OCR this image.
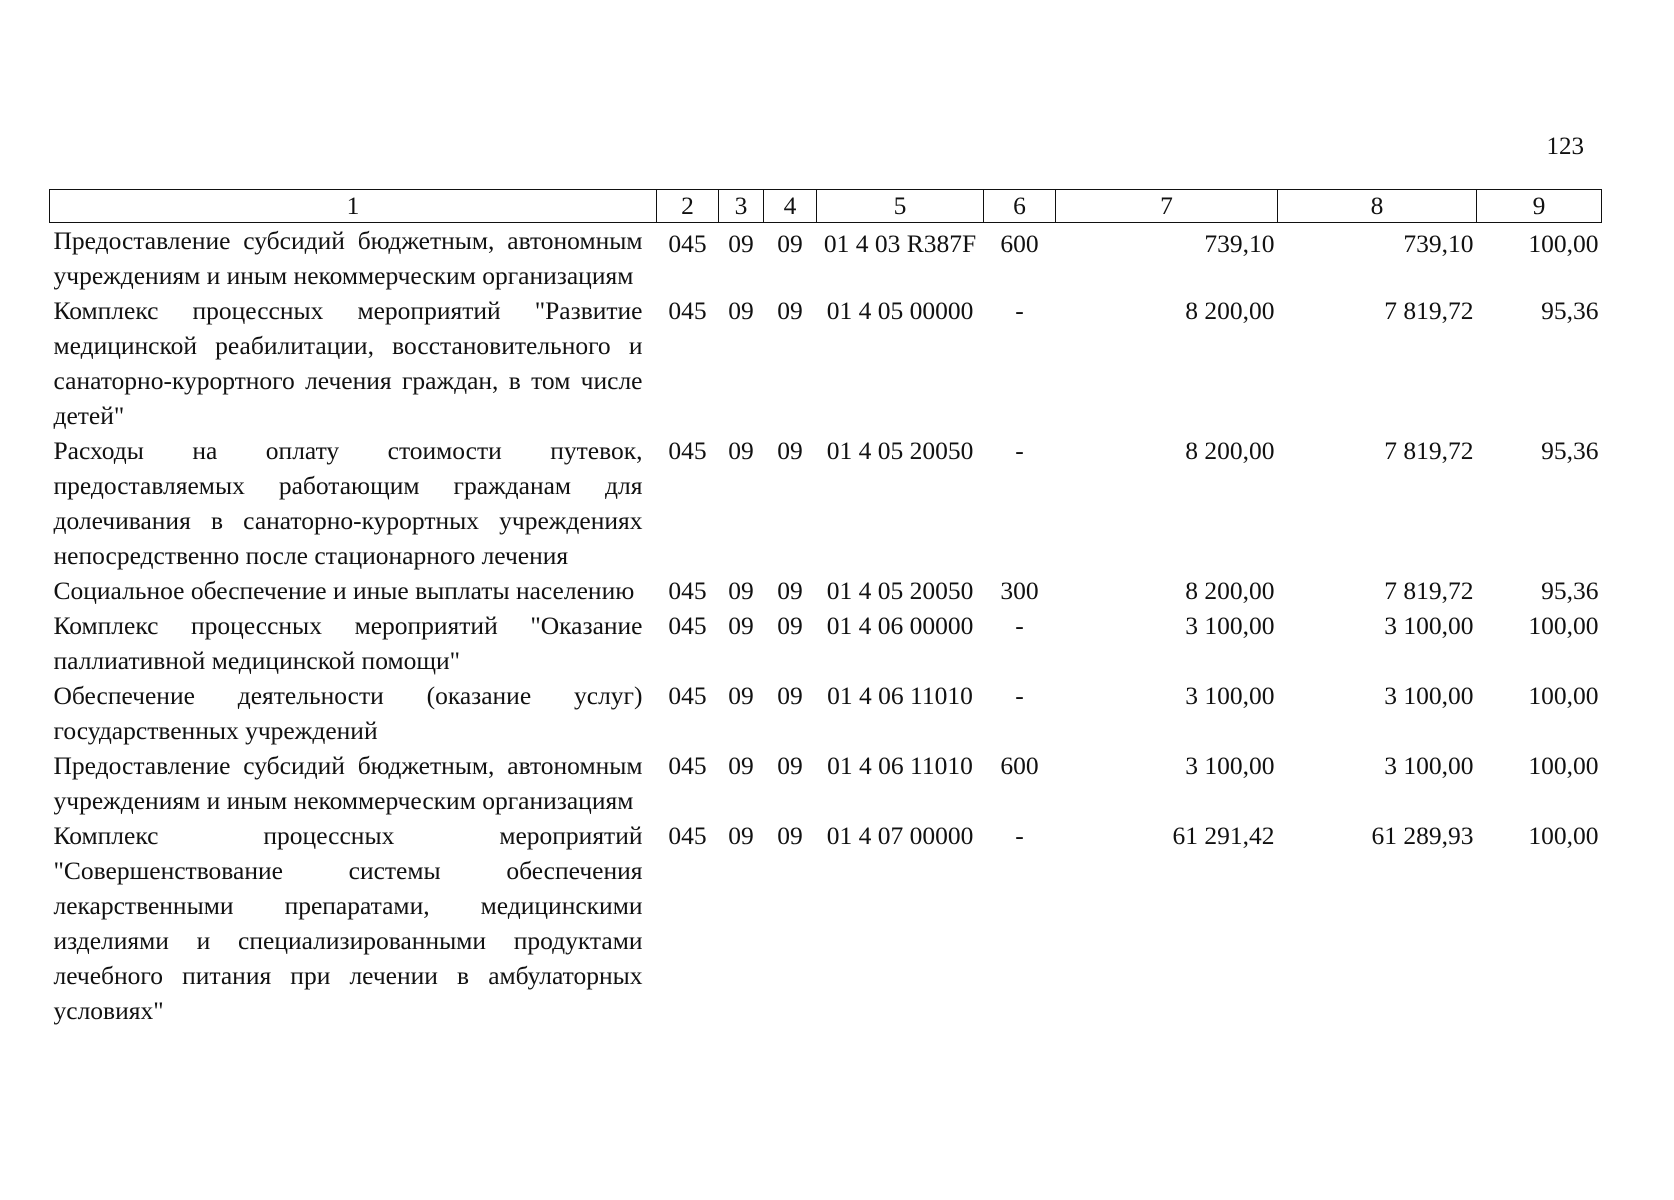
123
1	2	3	4	5	6	7	8	9
Предоставление субсидий бюджетным, автономным учреждениям и иным некоммерческим организациям	045	09	09	01 4 03 R387F	600	739,10	739,10	100,00
Комплекс процессных мероприятий "Развитие медицинской реабилитации, восстановительного и санаторно-курортного лечения граждан, в том числе детей"	045	09	09	01 4 05 00000	-	8 200,00	7 819,72	95,36
Расходы на оплату стоимости путевок, предоставляемых работающим гражданам для долечивания в санаторно-курортных учреждениях непосредственно после стационарного лечения	045	09	09	01 4 05 20050	-	8 200,00	7 819,72	95,36
Социальное обеспечение и иные выплаты населению	045	09	09	01 4 05 20050	300	8 200,00	7 819,72	95,36
Комплекс процессных мероприятий "Оказание паллиативной медицинской помощи"	045	09	09	01 4 06 00000	-	3 100,00	3 100,00	100,00
Обеспечение деятельности (оказание услуг) государственных учреждений	045	09	09	01 4 06 11010	-	3 100,00	3 100,00	100,00
Предоставление субсидий бюджетным, автономным учреждениям и иным некоммерческим организациям	045	09	09	01 4 06 11010	600	3 100,00	3 100,00	100,00
Комплекс процессных мероприятий "Совершенствование системы обеспечения лекарственными препаратами, медицинскими изделиями и специализированными продуктами лечебного питания при лечении в амбулаторных условиях"	045	09	09	01 4 07 00000	-	61 291,42	61 289,93	100,00
